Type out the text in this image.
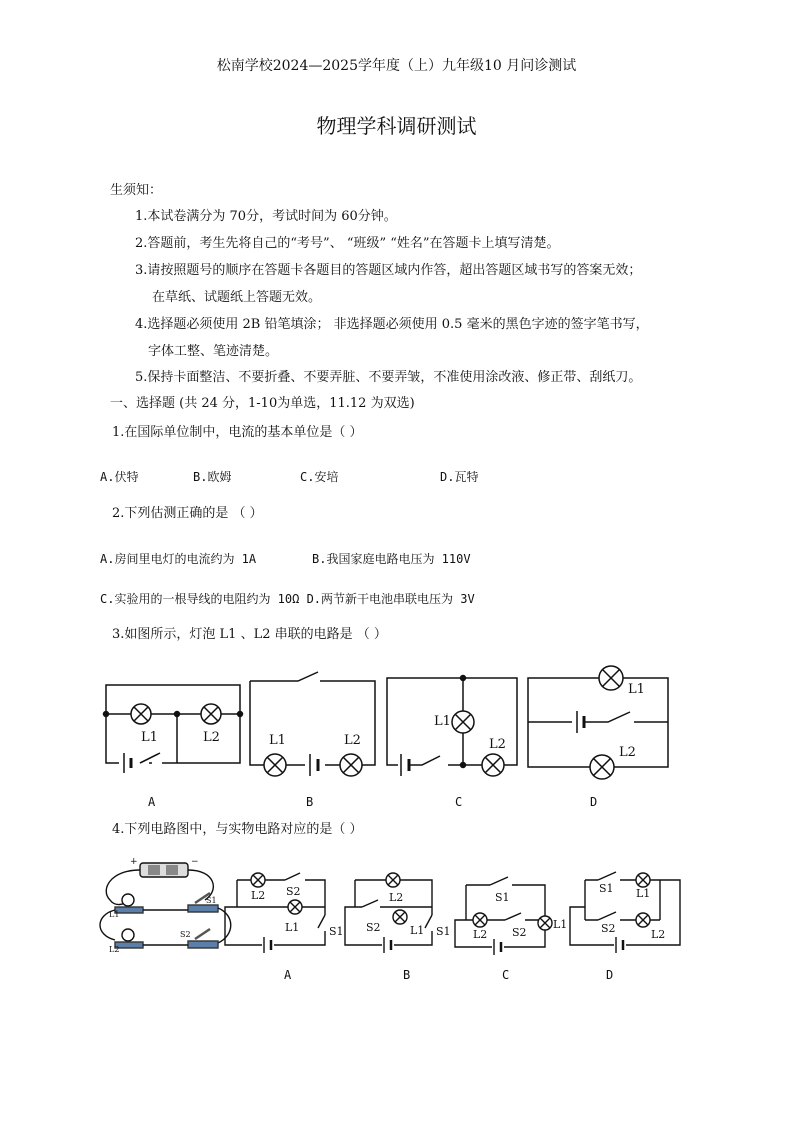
松南学校2024—2025学年度（上）九年级10 月问诊测试
物理学科调研测试
生须知：
1.本试卷满分为 70分，考试时间为 60分钟。
2.答题前，考生先将自己的“考号”、 “班级” “姓名”在答题卡上填写清楚。
3.请按照题号的顺序在答题卡各题目的答题区域内作答，超出答题区域书写的答案无效；
在草纸、试题纸上答题无效。
4.选择题必须使用 2B 铅笔填涂； 非选择题必须使用 0.5 毫米的黑色字迹的签字笔书写，
字体工整、笔迹清楚。
5.保持卡面整洁、不要折叠、不要弄脏、不要弄皱，不准使用涂改液、修正带、刮纸刀。
一、选择题 (共 24 分，1-10为单选，11.12 为双选)
1.在国际单位制中，电流的基本单位是（ ）
A.伏特	B.欧姆	C.安培	D.瓦特
2.下列估测正确的是 （ ）
A.房间里电灯的电流约为 1A	B.我国家庭电路电压为 110V
C.实验用的一根导线的电阻约为 10Ω D.两节新干电池串联电压为 3V
3.如图所示，灯泡 L1 、L2 串联的电路是 （ ）
L1	L2	L1	L2
L1
L2
L1
L2
A	B	C	D
4.下列电路图中，与实物电路对应的是（ ）
L1
L2
S1
S2
+	−
L2 S2
L1	S1
L2
S2	L1 S1
S1
L2 S2
L1
S1 L1
S2	L2
A	B	C	D
